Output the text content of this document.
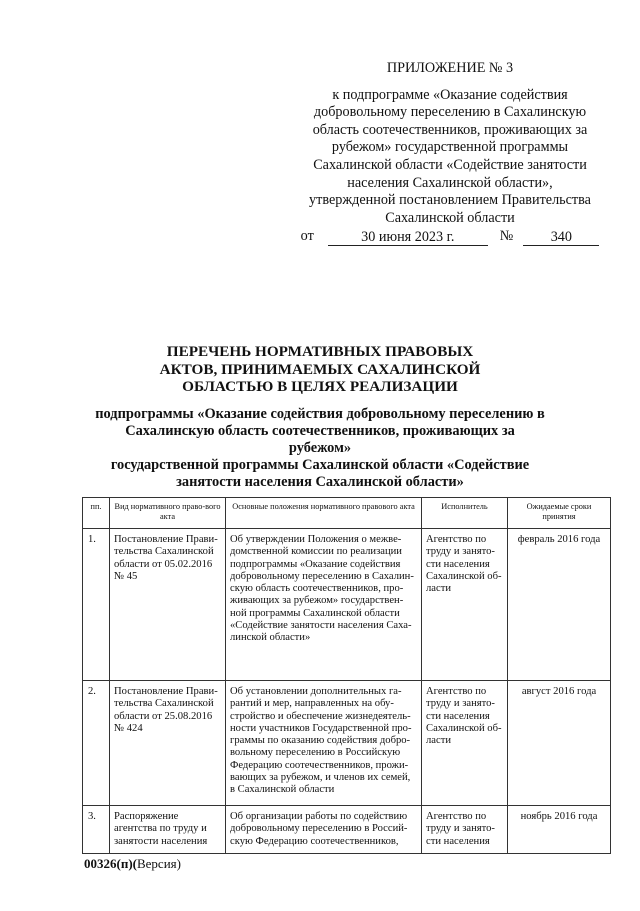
ПРИЛОЖЕНИЕ № 3
к подпрограмме «Оказание содействия
добровольному переселению в Сахалинскую
область соотечественников, проживающих за
рубежом» государственной программы
Сахалинской области «Содействие занятости
населения Сахалинской области»,
утвержденной постановлением Правительства
Сахалинской области
от	30 июня 2023 г.	№	340
ПЕРЕЧЕНЬ НОРМАТИВНЫХ ПРАВОВЫХ
АКТОВ, ПРИНИМАЕМЫХ САХАЛИНСКОЙ
ОБЛАСТЬЮ В ЦЕЛЯХ РЕАЛИЗАЦИИ
подпрограммы «Оказание содействия добровольному переселению в
Сахалинскую область соотечественников, проживающих за рубежом»
государственной программы Сахалинской области «Содействие
занятости населения Сахалинской области»
пп.	Вид нормативного право-вого акта	Основные положения нормативного правового акта	Исполнитель	Ожидаемые сроки принятия
1.	Постановление Прави-тельства Сахалинской области от 05.02.2016 № 45	Об утверждении Положения о межве-домственной комиссии по реализации подпрограммы «Оказание содействия добровольному переселению в Сахалин-скую область соотечественников, про-живающих за рубежом» государствен-ной программы Сахалинской области «Содействие занятости населения Саха-линской области»	Агентство по труду и занято-сти населения Сахалинской об-ласти	февраль 2016 года
2.	Постановление Прави-тельства Сахалинской области от 25.08.2016 № 424	Об установлении дополнительных га-рантий и мер, направленных на обу-стройство и обеспечение жизнедеятель-ности участников Государственной про-граммы по оказанию содействия добро-вольному переселению в Российскую Федерацию соотечественников, прожи-вающих за рубежом, и членов их семей, в Сахалинской области	Агентство по труду и занято-сти населения Сахалинской об-ласти	август 2016 года
3.	Распоряжение агентства по труду и занятости населения	Об организации работы по содействию добровольному переселению в Россий-скую Федерацию соотечественников,	Агентство по труду и занято-сти населения	ноябрь 2016 года
00326(п)(Версия)
